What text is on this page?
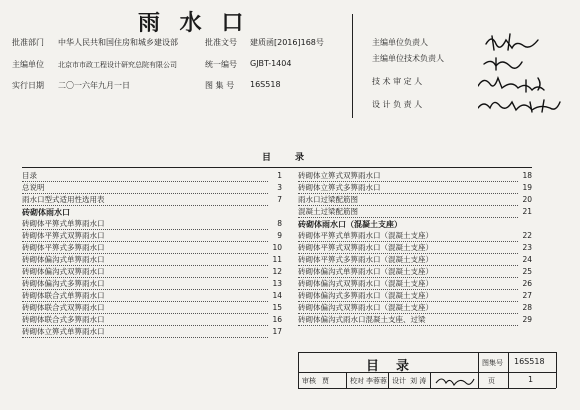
雨 水 口
批准部门 中华人民共和国住房和城乡建设部	批准文号 建质函[2016]168号
主编单位 北京市市政工程设计研究总院有限公司	统一编号 GJBT-1404
实行日期 二〇一六年九月一日	图 集 号 16S518
主编单位负责人
主编单位技术负责人
技 术 审 定 人
设 计 负 责 人
目　　录
目录	1
总说明	3
雨水口型式适用性选用表	7
砖砌体雨水口
砖砌体平箅式单箅雨水口	8
砖砌体平箅式双箅雨水口	9
砖砌体平箅式多箅雨水口	10
砖砌体偏沟式单箅雨水口	11
砖砌体偏沟式双箅雨水口	12
砖砌体偏沟式多箅雨水口	13
砖砌体联合式单箅雨水口	14
砖砌体联合式双箅雨水口	15
砖砌体联合式多箅雨水口	16
砖砌体立箅式单箅雨水口	17
砖砌体立箅式双箅雨水口	18
砖砌体立箅式多箅雨水口	19
雨水口过梁配筋图	20
混凝土过梁配筋图	21
砖砌体雨水口（混凝土支座）
砖砌体平箅式单箅雨水口（混凝土支座）	22
砖砌体平箅式双箅雨水口（混凝土支座）	23
砖砌体平箅式多箅雨水口（混凝土支座）	24
砖砌体偏沟式单箅雨水口（混凝土支座）	25
砖砌体偏沟式双箅雨水口（混凝土支座）	26
砖砌体偏沟式多箅雨水口（混凝土支座）	27
砖砌体偏沟式双箅雨水口（混凝土支座）	28
砖砌体偏沟式雨水口混凝土支座、过梁	29
目　录	图集号 16S518
审核 贾	校对 李蓉蓉 设计 刘 涛	页	1
